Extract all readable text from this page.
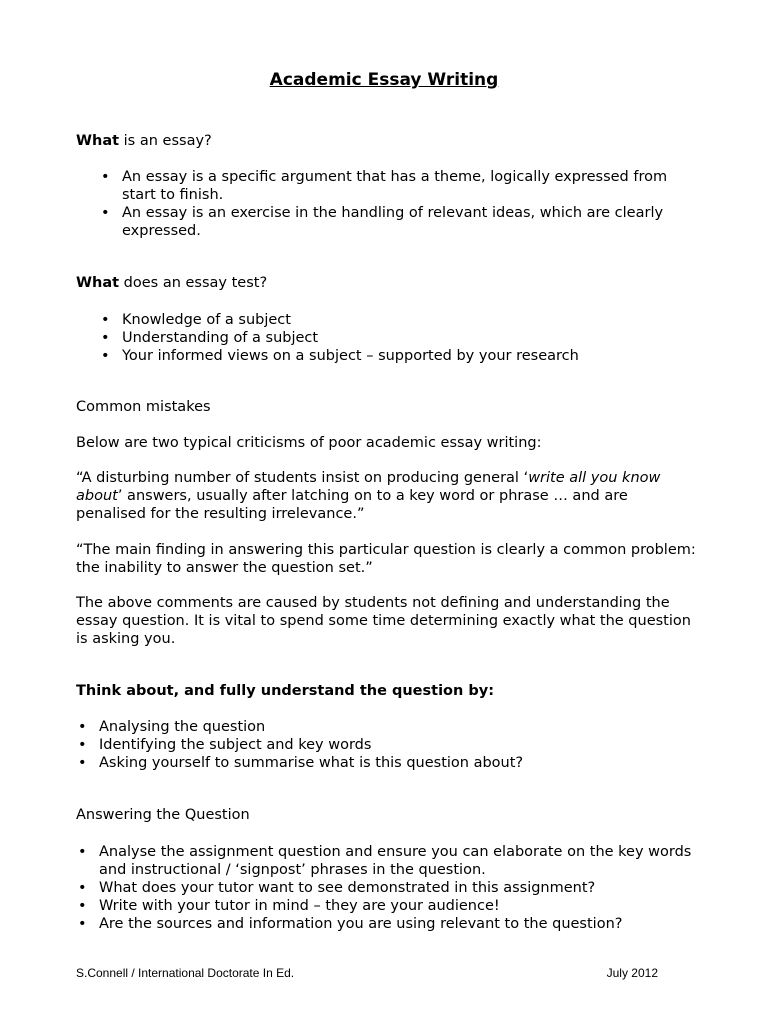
Academic Essay Writing
What is an essay?
• An essay is a specific argument that has a theme, logically expressed from start to finish.
• An essay is an exercise in the handling of relevant ideas, which are clearly expressed.
What does an essay test?
• Knowledge of a subject
• Understanding of a subject
• Your informed views on a subject – supported by your research
Common mistakes
Below are two typical criticisms of poor academic essay writing:
“A disturbing number of students insist on producing general ‘write all you know about’ answers, usually after latching on to a key word or phrase … and are penalised for the resulting irrelevance.”
“The main finding in answering this particular question is clearly a common problem: the inability to answer the question set.”
The above comments are caused by students not defining and understanding the essay question. It is vital to spend some time determining exactly what the question is asking you.
Think about, and fully understand the question by:
• Analysing the question
• Identifying the subject and key words
• Asking yourself to summarise what is this question about?
Answering the Question
• Analyse the assignment question and ensure you can elaborate on the key words and instructional / ‘signpost’ phrases in the question.
• What does your tutor want to see demonstrated in this assignment?
• Write with your tutor in mind – they are your audience!
• Are the sources and information you are using relevant to the question?
S.Connell / International Doctorate In Ed.	July 2012
